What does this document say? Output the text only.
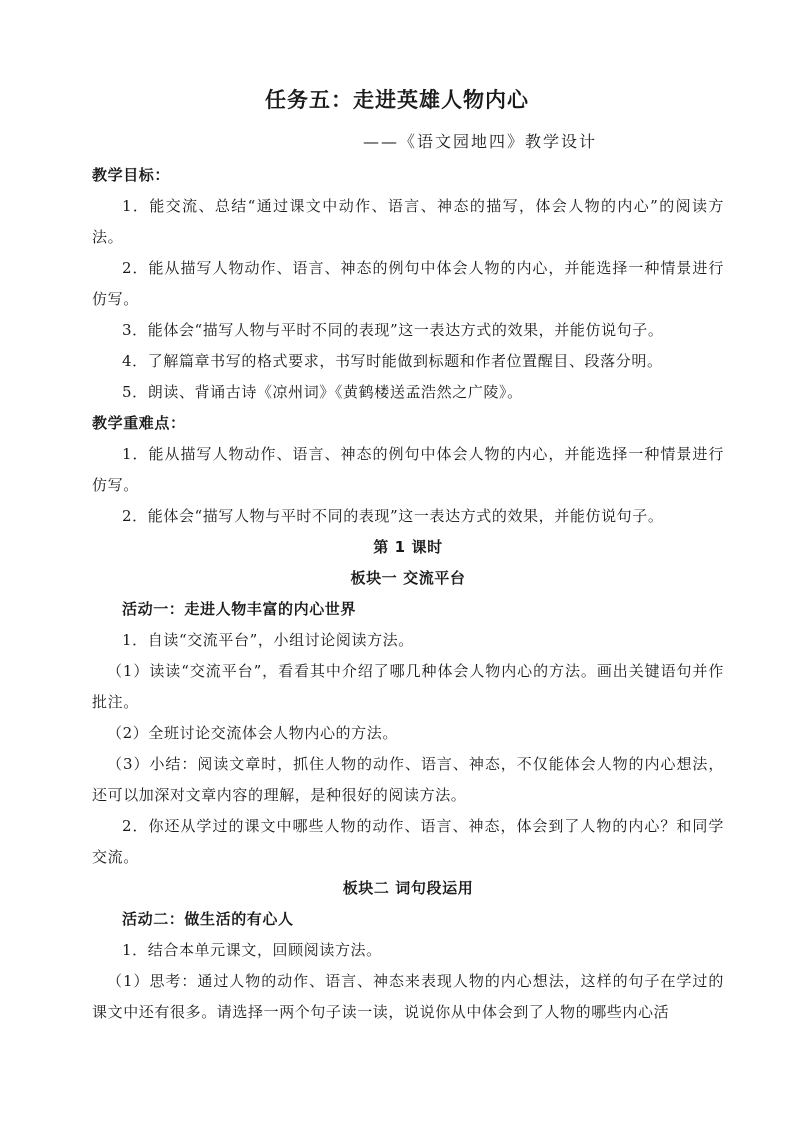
任务五：走进英雄人物内心
——《语文园地四》教学设计

教学目标：

1．能交流、总结“通过课文中动作、语言、神态的描写，体会人物的内心”的阅读方法。

2．能从描写人物动作、语言、神态的例句中体会人物的内心，并能选择一种情景进行仿写。

3．能体会“描写人物与平时不同的表现”这一表达方式的效果，并能仿说句子。

4．了解篇章书写的格式要求，书写时能做到标题和作者位置醒目、段落分明。

5．朗读、背诵古诗《凉州词》《黄鹤楼送孟浩然之广陵》。

教学重难点：

1．能从描写人物动作、语言、神态的例句中体会人物的内心，并能选择一种情景进行仿写。

2．能体会“描写人物与平时不同的表现”这一表达方式的效果，并能仿说句子。

第 1 课时

板块一 交流平台

活动一：走进人物丰富的内心世界

1．自读“交流平台”，小组讨论阅读方法。

（1）读读“交流平台”，看看其中介绍了哪几种体会人物内心的方法。画出关键语句并作批注。

（2）全班讨论交流体会人物内心的方法。

（3）小结：阅读文章时，抓住人物的动作、语言、神态，不仅能体会人物的内心想法，还可以加深对文章内容的理解，是种很好的阅读方法。

2．你还从学过的课文中哪些人物的动作、语言、神态，体会到了人物的内心？和同学交流。

板块二 词句段运用

活动二：做生活的有心人

1．结合本单元课文，回顾阅读方法。

（1）思考：通过人物的动作、语言、神态来表现人物的内心想法，这样的句子在学过的课文中还有很多。请选择一两个句子读一读，说说你从中体会到了人物的哪些内心活
